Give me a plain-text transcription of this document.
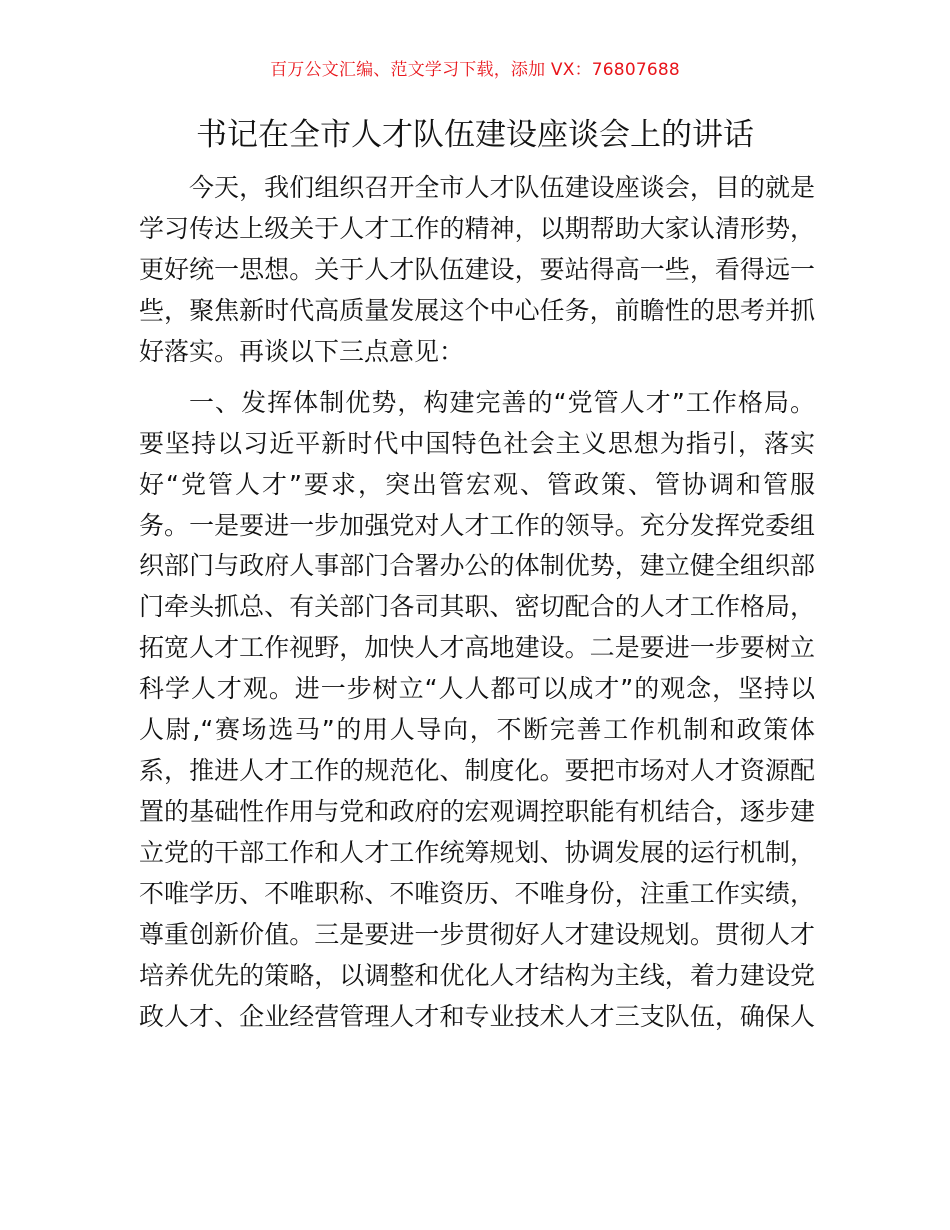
百万公文汇编、范文学习下载，添加 VX：76807688
书记在全市人才队伍建设座谈会上的讲话
今天，我们组织召开全市人才队伍建设座谈会，目的就是
学习传达上级关于人才工作的精神，以期帮助大家认清形势，
更好统一思想。关于人才队伍建设，要站得高一些，看得远一
些，聚焦新时代高质量发展这个中心任务，前瞻性的思考并抓
好落实。再谈以下三点意见：
一、发挥体制优势，构建完善的“党管人才”工作格局。
要坚持以习近平新时代中国特色社会主义思想为指引，落实
好“党管人才”要求，突出管宏观、管政策、管协调和管服
务。一是要进一步加强党对人才工作的领导。充分发挥党委组
织部门与政府人事部门合署办公的体制优势，建立健全组织部
门牵头抓总、有关部门各司其职、密切配合的人才工作格局，
拓宽人才工作视野，加快人才高地建设。二是要进一步要树立
科学人才观。进一步树立“人人都可以成才”的观念，坚持以
人尉,“赛场选马”的用人导向，不断完善工作机制和政策体
系，推进人才工作的规范化、制度化。要把市场对人才资源配
置的基础性作用与党和政府的宏观调控职能有机结合，逐步建
立党的干部工作和人才工作统筹规划、协调发展的运行机制，
不唯学历、不唯职称、不唯资历、不唯身份，注重工作实绩，
尊重创新价值。三是要进一步贯彻好人才建设规划。贯彻人才
培养优先的策略，以调整和优化人才结构为主线，着力建设党
政人才、企业经营管理人才和专业技术人才三支队伍，确保人
